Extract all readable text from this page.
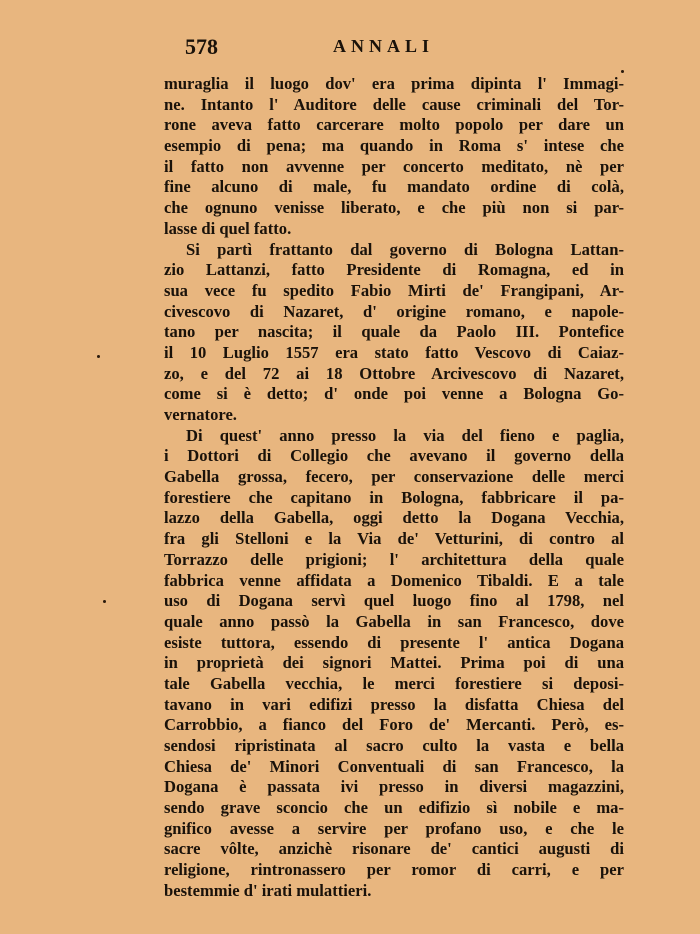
578	ANNALI
muraglia il luogo dov' era prima dipinta l' Immagi-
ne. Intanto l' Auditore delle cause criminali del Tor-
rone aveva fatto carcerare molto popolo per dare un
esempio di pena; ma quando in Roma s' intese che
il fatto non avvenne per concerto meditato, nè per
fine alcuno di male, fu mandato ordine di colà,
che ognuno venisse liberato, e che più non si par-
lasse di quel fatto.
Si partì frattanto dal governo di Bologna Lattan-
zio Lattanzi, fatto Presidente di Romagna, ed in
sua vece fu spedito Fabio Mirti de' Frangipani, Ar-
civescovo di Nazaret, d' origine romano, e napole-
tano per nascita; il quale da Paolo III. Pontefice
il 10 Luglio 1557 era stato fatto Vescovo di Caiaz-
zo, e del 72 ai 18 Ottobre Arcivescovo di Nazaret,
come si è detto; d' onde poi venne a Bologna Go-
vernatore.
Di quest' anno presso la via del fieno e paglia,
i Dottori di Collegio che avevano il governo della
Gabella grossa, fecero, per conservazione delle merci
forestiere che capitano in Bologna, fabbricare il pa-
lazzo della Gabella, oggi detto la Dogana Vecchia,
fra gli Stelloni e la Via de' Vetturini, di contro al
Torrazzo delle prigioni; l' architettura della quale
fabbrica venne affidata a Domenico Tibaldi. E a tale
uso di Dogana servì quel luogo fino al 1798, nel
quale anno passò la Gabella in san Francesco, dove
esiste tuttora, essendo di presente l' antica Dogana
in proprietà dei signori Mattei. Prima poi di una
tale Gabella vecchia, le merci forestiere si deposi-
tavano in vari edifizi presso la disfatta Chiesa del
Carrobbio, a fianco del Foro de' Mercanti. Però, es-
sendosi ripristinata al sacro culto la vasta e bella
Chiesa de' Minori Conventuali di san Francesco, la
Dogana è passata ivi presso in diversi magazzini,
sendo grave sconcio che un edifizio sì nobile e ma-
gnifico avesse a servire per profano uso, e che le
sacre vôlte, anzichè risonare de' cantici augusti di
religione, rintronassero per romor di carri, e per
bestemmie d' irati mulattieri.
